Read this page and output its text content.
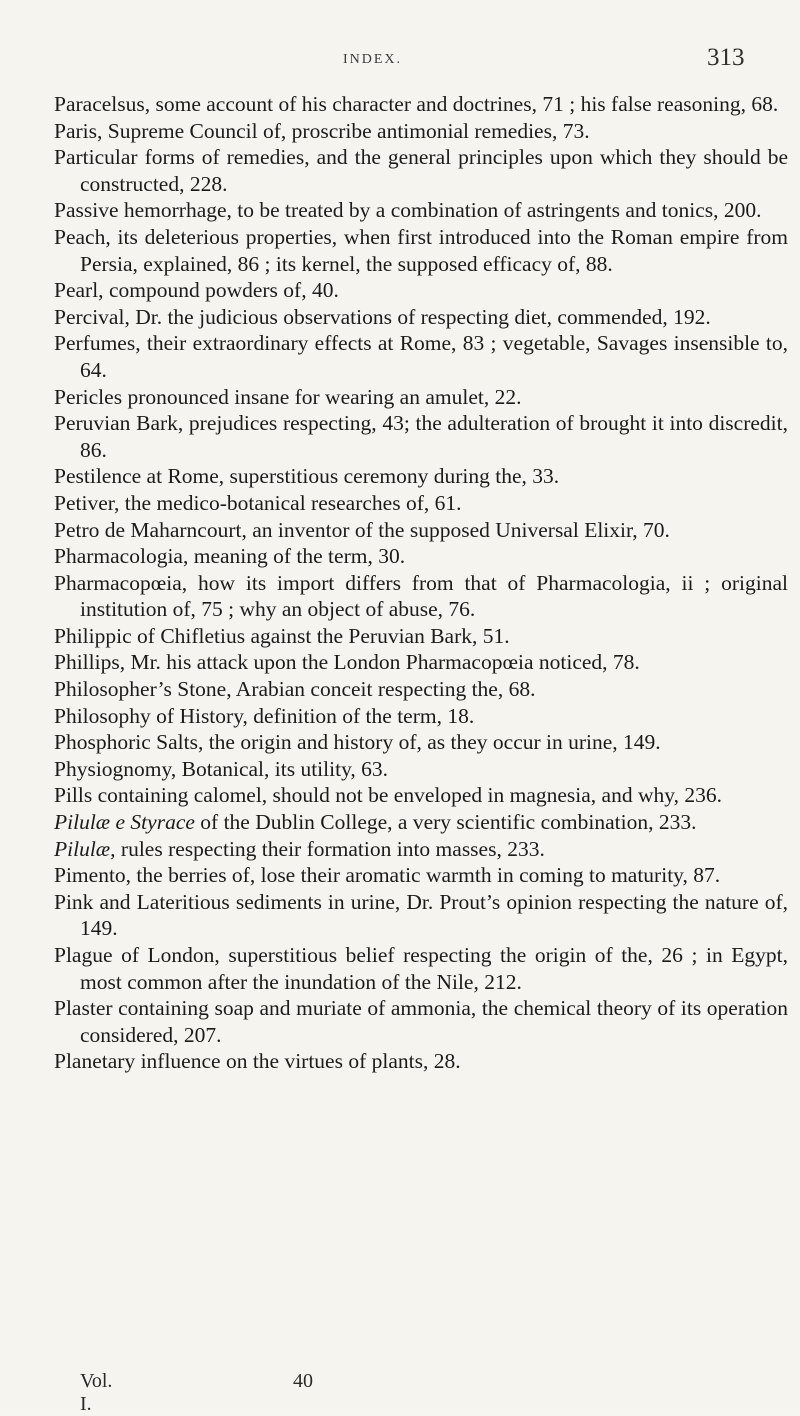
INDEX.	313

Paracelsus, some account of his character and doctrines, 71 ; his false reasoning, 68.

Paris, Supreme Council of, proscribe antimonial remedies, 73.

Particular forms of remedies, and the general principles upon which they should be constructed, 228.

Passive hemorrhage, to be treated by a combination of astringents and tonics, 200.

Peach, its deleterious properties, when first introduced into the Roman empire from Persia, explained, 86 ; its kernel, the supposed efficacy of, 88.

Pearl, compound powders of, 40.

Percival, Dr. the judicious observations of respecting diet, commended, 192.

Perfumes, their extraordinary effects at Rome, 83 ; vegetable, Savages insensible to, 64.

Pericles pronounced insane for wearing an amulet, 22.

Peruvian Bark, prejudices respecting, 43; the adulteration of brought it into discredit, 86.

Pestilence at Rome, superstitious ceremony during the, 33.

Petiver, the medico-botanical researches of, 61.

Petro de Maharncourt, an inventor of the supposed Universal Elixir, 70.

Pharmacologia, meaning of the term, 30.

Pharmacopœia, how its import differs from that of Pharmacologia, ii ; original institution of, 75 ; why an object of abuse, 76.

Philippic of Chifletius against the Peruvian Bark, 51.

Phillips, Mr. his attack upon the London Pharmacopœia noticed, 78.

Philosopher’s Stone, Arabian conceit respecting the, 68.

Philosophy of History, definition of the term, 18.

Phosphoric Salts, the origin and history of, as they occur in urine, 149.

Physiognomy, Botanical, its utility, 63.

Pills containing calomel, should not be enveloped in magnesia, and why, 236.

Pilulæ e Styrace of the Dublin College, a very scientific combination, 233.

Pilulæ, rules respecting their formation into masses, 233.

Pimento, the berries of, lose their aromatic warmth in coming to maturity, 87.

Pink and Lateritious sediments in urine, Dr. Prout’s opinion respecting the nature of, 149.

Plague of London, superstitious belief respecting the origin of the, 26 ; in Egypt, most common after the inundation of the Nile, 212.

Plaster containing soap and muriate of ammonia, the chemical theory of its operation considered, 207.

Planetary influence on the virtues of plants, 28.

Vol. I.
40
